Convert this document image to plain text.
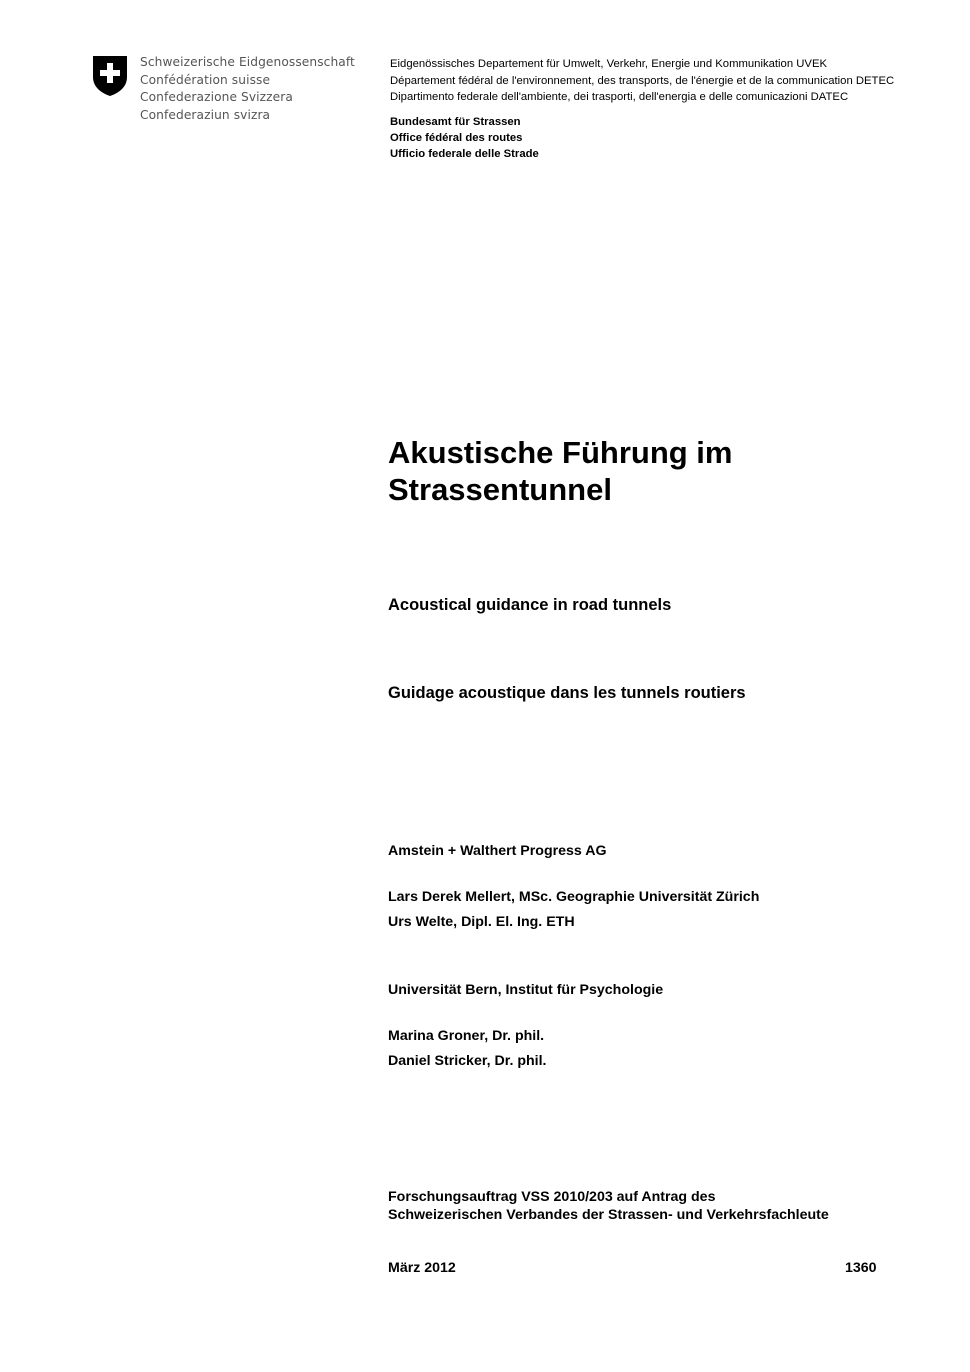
Schweizerische Eidgenossenschaft
Confédération suisse
Confederazione Svizzera
Confederaziun svizra
Eidgenössisches Departement für Umwelt, Verkehr, Energie und Kommunikation UVEK
Département fédéral de l'environnement, des transports, de l'énergie et de la communication DETEC
Dipartimento federale dell'ambiente, dei trasporti, dell'energia e delle comunicazioni DATEC
Bundesamt für Strassen
Office fédéral des routes
Ufficio federale delle Strade
Akustische Führung im
Strassentunnel
Acoustical guidance in road tunnels
Guidage acoustique dans les tunnels routiers
Amstein + Walthert Progress AG
Lars Derek Mellert, MSc. Geographie Universität Zürich
Urs Welte, Dipl. El. Ing. ETH
Universität Bern, Institut für Psychologie
Marina Groner, Dr. phil.
Daniel Stricker, Dr. phil.
Forschungsauftrag VSS 2010/203 auf Antrag des
Schweizerischen Verbandes der Strassen- und Verkehrsfachleute
März 2012	1360
